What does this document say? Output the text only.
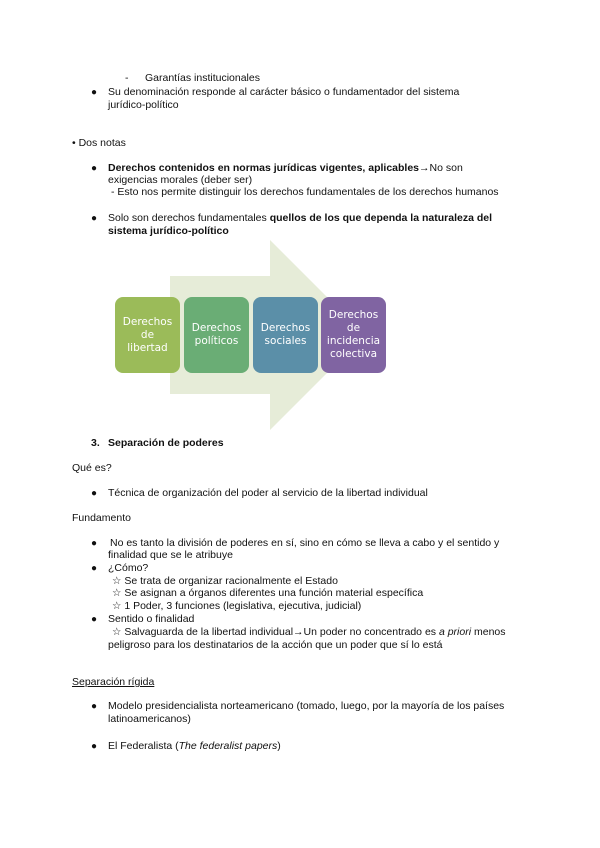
- Garantías institucionales
● Su denominación responde al carácter básico o fundamentador del sistema
jurídico-político
• Dos notas
● Derechos contenidos en normas jurídicas vigentes, aplicables→No son
exigencias morales (deber ser)
- Esto nos permite distinguir los derechos fundamentales de los derechos humanos
● Solo son derechos fundamentales quellos de los que dependa la naturaleza del
sistema jurídico-político
Derechos
de
libertad
Derechos
políticos
Derechos
sociales
Derechos
de
incidencia
colectiva
3. Separación de poderes
Qué es?
● Técnica de organización del poder al servicio de la libertad individual
Fundamento
● No es tanto la división de poderes en sí, sino en cómo se lleva a cabo y el sentido y
finalidad que se le atribuye
● ¿Cómo?
☆ Se trata de organizar racionalmente el Estado
☆ Se asignan a órganos diferentes una función material específica
☆ 1 Poder, 3 funciones (legislativa, ejecutiva, judicial)
● Sentido o finalidad
☆ Salvaguarda de la libertad individual→Un poder no concentrado es a priori menos
peligroso para los destinatarios de la acción que un poder que sí lo está
Separación rígida
● Modelo presidencialista norteamericano (tomado, luego, por la mayoría de los países
latinoamericanos)
● El Federalista (The federalist papers)
